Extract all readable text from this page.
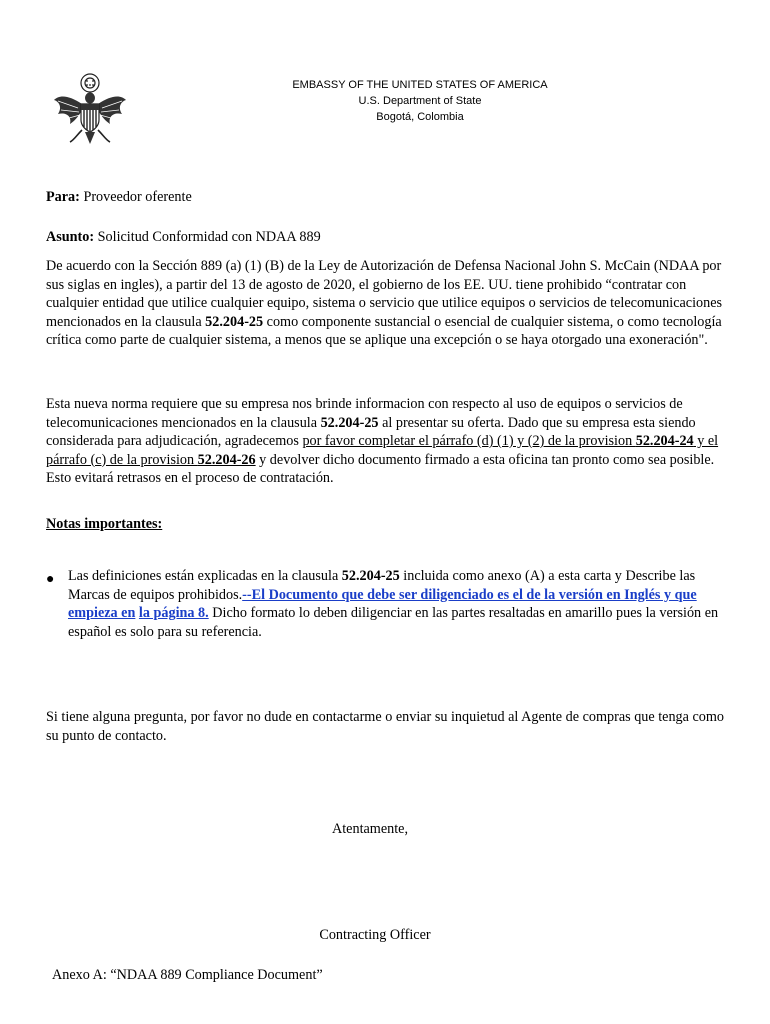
EMBASSY OF THE UNITED STATES OF AMERICA
U.S. Department of State
Bogotá, Colombia
Para: Proveedor oferente
Asunto: Solicitud Conformidad con NDAA 889
De acuerdo con la Sección 889 (a) (1) (B) de la Ley de Autorización de Defensa Nacional John S. McCain (NDAA por sus siglas en ingles), a partir del 13 de agosto de 2020, el gobierno de los EE. UU. tiene prohibido “contratar con cualquier entidad que utilice cualquier equipo, sistema o servicio que utilice equipos o servicios de telecomunicaciones mencionados en la clausula 52.204-25 como componente sustancial o esencial de cualquier sistema, o como tecnología crítica como parte de cualquier sistema, a menos que se aplique una excepción o se haya otorgado una exoneración".
Esta nueva norma requiere que su empresa nos brinde informacion con respecto al uso de equipos o servicios de telecomunicaciones mencionados en la clausula 52.204-25 al presentar su oferta. Dado que su empresa esta siendo considerada para adjudicación, agradecemos por favor completar el párrafo (d) (1) y (2) de la provision 52.204-24 y el párrafo (c) de la provision 52.204-26 y devolver dicho documento firmado a esta oficina tan pronto como sea posible. Esto evitará retrasos en el proceso de contratación.
Notas importantes:
● Las definiciones están explicadas en la clausula 52.204-25 incluida como anexo (A) a esta carta y Describe las Marcas de equipos prohibidos.--El Documento que debe ser diligenciado es el de la versión en Inglés y que empieza en la página 8. Dicho formato lo deben diligenciar en las partes resaltadas en amarillo pues la versión en español es solo para su referencia.
Si tiene alguna pregunta, por favor no dude en contactarme o enviar su inquietud al Agente de compras que tenga como su punto de contacto.
Atentamente,
Contracting Officer
Anexo A: “NDAA 889 Compliance Document”
